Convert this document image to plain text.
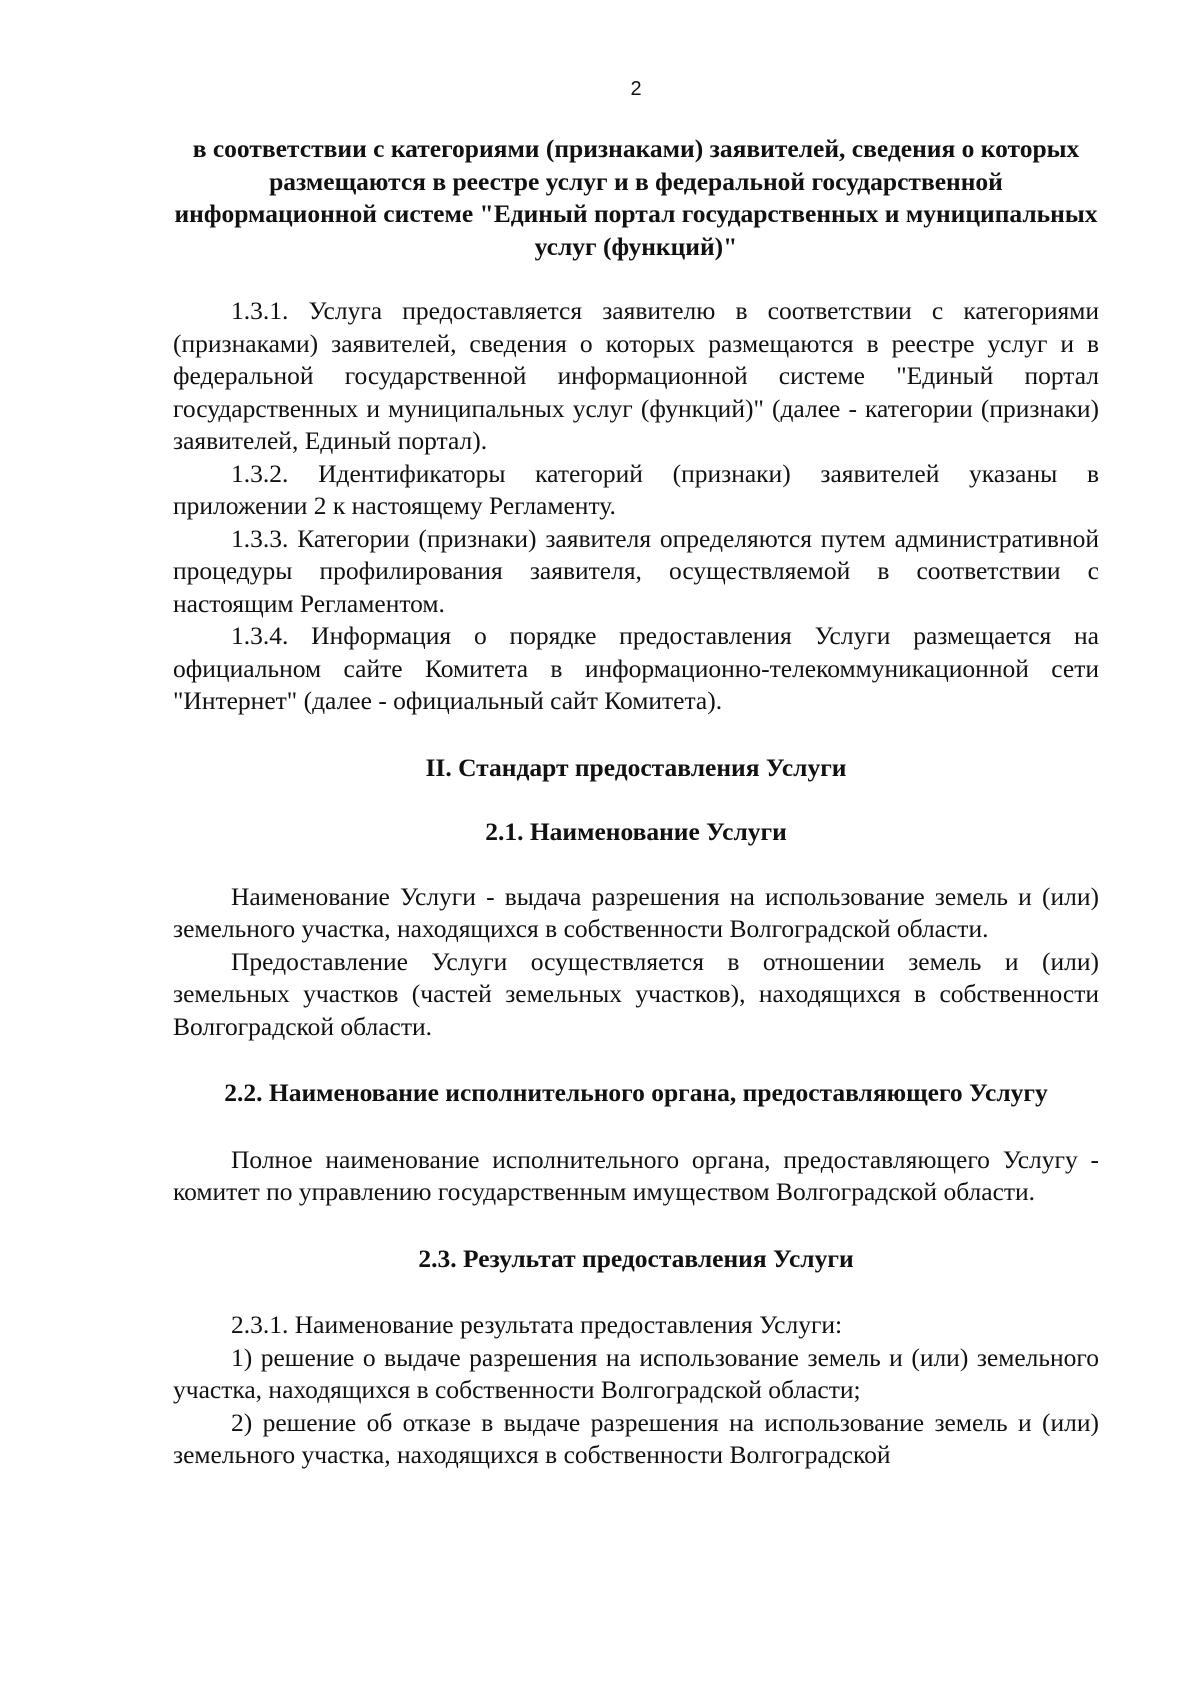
2
в соответствии с категориями (признаками) заявителей, сведения о которых размещаются в реестре услуг и в федеральной государственной информационной системе "Единый портал государственных и муниципальных услуг (функций)"

1.3.1. Услуга предоставляется заявителю в соответствии с категориями (признаками) заявителей, сведения о которых размещаются в реестре услуг и в федеральной государственной информационной системе "Единый портал государственных и муниципальных услуг (функций)" (далее - категории (признаки) заявителей, Единый портал).

1.3.2. Идентификаторы категорий (признаки) заявителей указаны в приложении 2 к настоящему Регламенту.

1.3.3. Категории (признаки) заявителя определяются путем административной процедуры профилирования заявителя, осуществляемой в соответствии с настоящим Регламентом.

1.3.4. Информация о порядке предоставления Услуги размещается на официальном сайте Комитета в информационно-телекоммуникационной сети "Интернет" (далее - официальный сайт Комитета).

II. Стандарт предоставления Услуги
2.1. Наименование Услуги

Наименование Услуги - выдача разрешения на использование земель и (или) земельного участка, находящихся в собственности Волгоградской области.

Предоставление Услуги осуществляется в отношении земель и (или) земельных участков (частей земельных участков), находящихся в собственности Волгоградской области.

2.2. Наименование исполнительного органа, предоставляющего Услугу

Полное наименование исполнительного органа, предоставляющего Услугу - комитет по управлению государственным имуществом Волгоградской области.

2.3. Результат предоставления Услуги

2.3.1. Наименование результата предоставления Услуги:

1) решение о выдаче разрешения на использование земель и (или) земельного участка, находящихся в собственности Волгоградской области;

2) решение об отказе в выдаче разрешения на использование земель и (или) земельного участка, находящихся в собственности Волгоградской
